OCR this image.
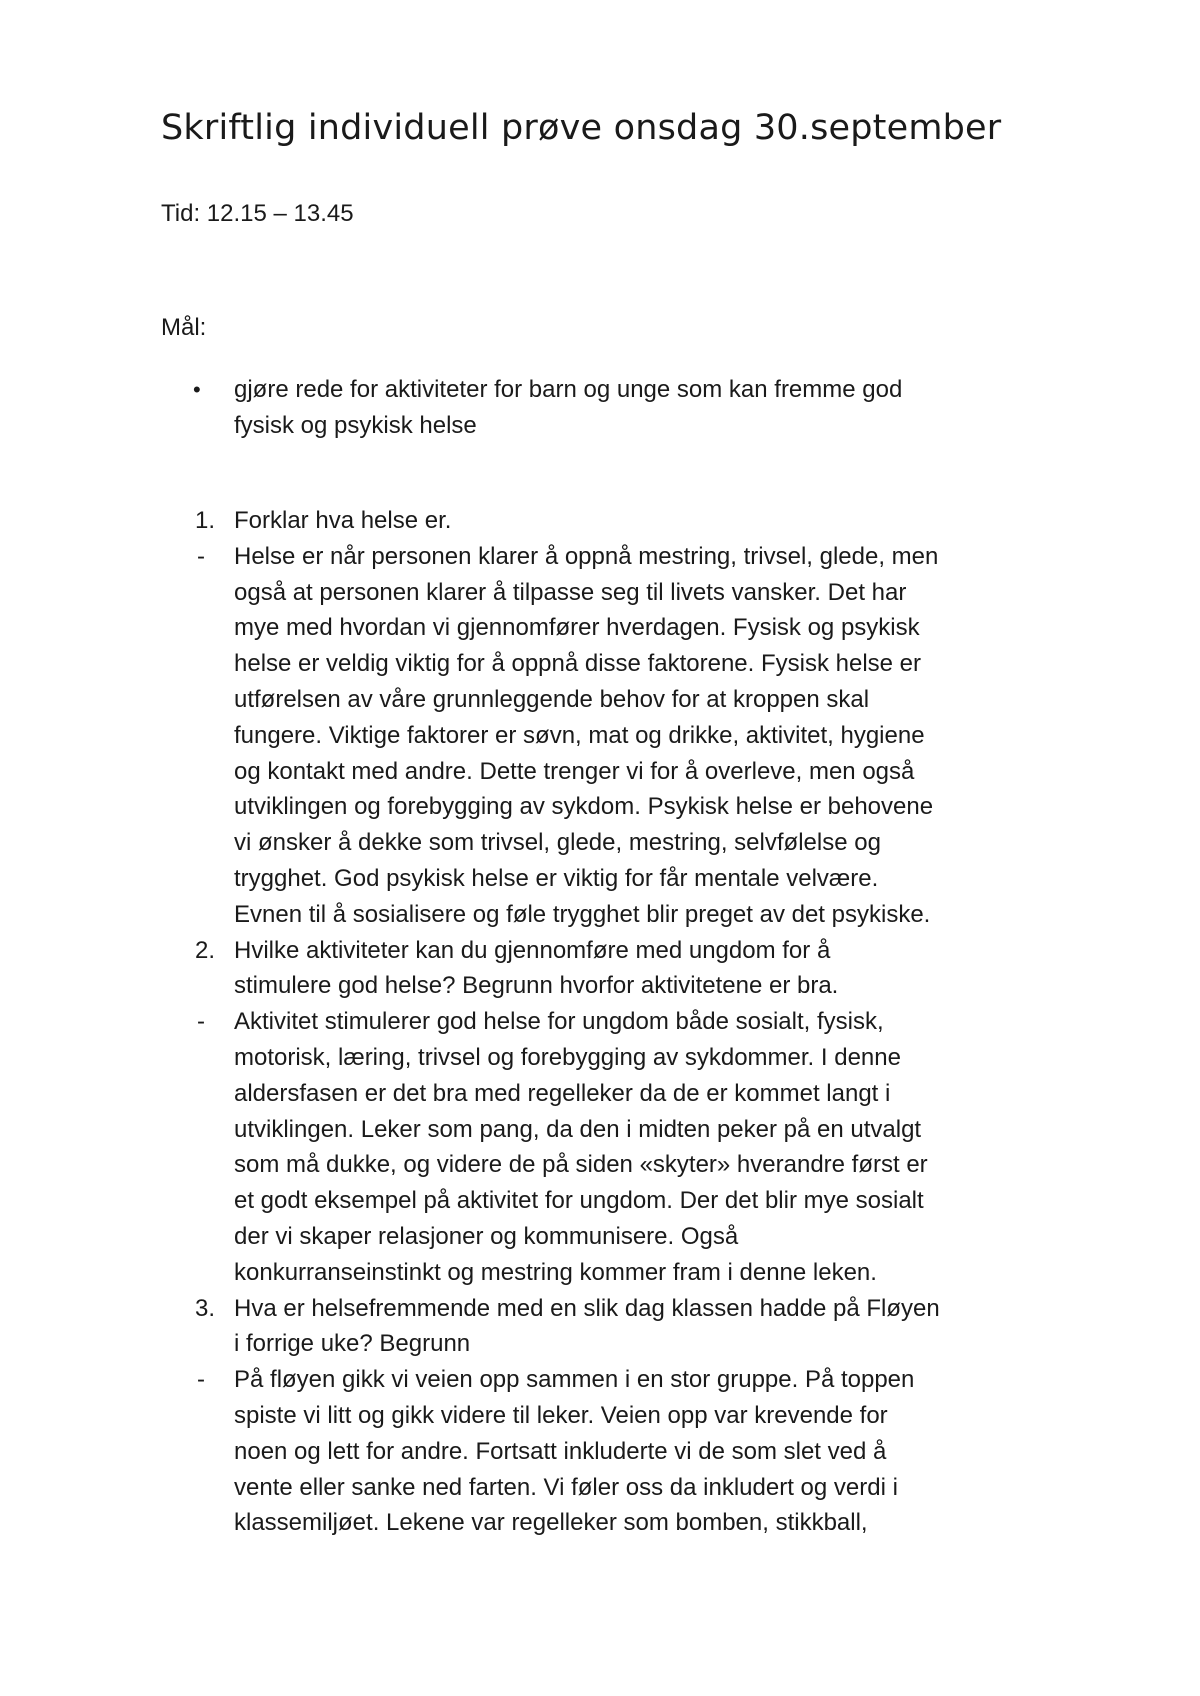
Skriftlig individuell prøve onsdag 30.september

Tid: 12.15 – 13.45

Mål:

• gjøre rede for aktiviteter for barn og unge som kan fremme god
fysisk og psykisk helse
1. Forklar hva helse er.
- Helse er når personen klarer å oppnå mestring, trivsel, glede, men
også at personen klarer å tilpasse seg til livets vansker. Det har
mye med hvordan vi gjennomfører hverdagen. Fysisk og psykisk
helse er veldig viktig for å oppnå disse faktorene. Fysisk helse er
utførelsen av våre grunnleggende behov for at kroppen skal
fungere. Viktige faktorer er søvn, mat og drikke, aktivitet, hygiene
og kontakt med andre. Dette trenger vi for å overleve, men også
utviklingen og forebygging av sykdom. Psykisk helse er behovene
vi ønsker å dekke som trivsel, glede, mestring, selvfølelse og
trygghet. God psykisk helse er viktig for får mentale velvære.
Evnen til å sosialisere og føle trygghet blir preget av det psykiske.
2. Hvilke aktiviteter kan du gjennomføre med ungdom for å
stimulere god helse? Begrunn hvorfor aktivitetene er bra.
- Aktivitet stimulerer god helse for ungdom både sosialt, fysisk,
motorisk, læring, trivsel og forebygging av sykdommer. I denne
aldersfasen er det bra med regelleker da de er kommet langt i
utviklingen. Leker som pang, da den i midten peker på en utvalgt
som må dukke, og videre de på siden «skyter» hverandre først er
et godt eksempel på aktivitet for ungdom. Der det blir mye sosialt
der vi skaper relasjoner og kommunisere. Også
konkurranseinstinkt og mestring kommer fram i denne leken.
3. Hva er helsefremmende med en slik dag klassen hadde på Fløyen
i forrige uke? Begrunn
- På fløyen gikk vi veien opp sammen i en stor gruppe. På toppen
spiste vi litt og gikk videre til leker. Veien opp var krevende for
noen og lett for andre. Fortsatt inkluderte vi de som slet ved å
vente eller sanke ned farten. Vi føler oss da inkludert og verdi i
klassemiljøet. Lekene var regelleker som bomben, stikkball,
